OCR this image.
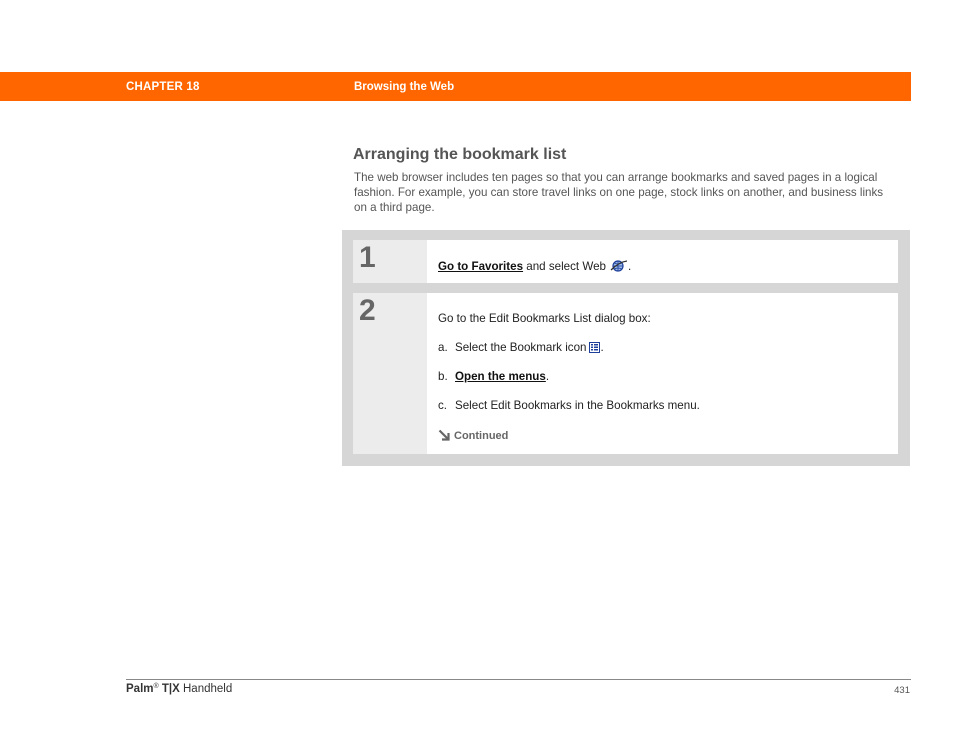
CHAPTER 18	Browsing the Web
Arranging the bookmark list

The web browser includes ten pages so that you can arrange bookmarks and saved pages in a logical fashion. For example, you can store travel links on one page, stock links on another, and business links on a third page.

1	Go to Favorites and select Web .
2	Go to the Edit Bookmarks List dialog box:
a. Select the Bookmark icon .
b. Open the menus.
c. Select Edit Bookmarks in the Bookmarks menu.
Continued
Palm® T|X Handheld	431
